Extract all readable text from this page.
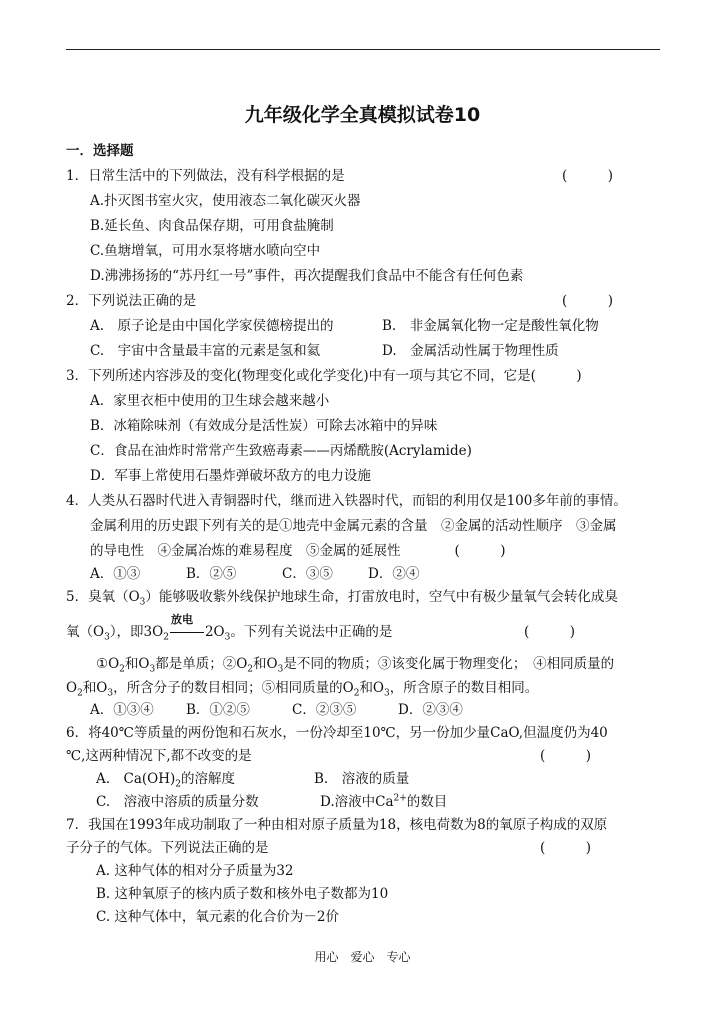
九年级化学全真模拟试卷10
一．选择题
1．日常生活中的下列做法，没有科学根据的是	(　　　)
A.扑灭图书室火灾，使用液态二氧化碳灭火器
B.延长鱼、肉食品保存期，可用食盐腌制
C.鱼塘增氧，可用水泵将塘水喷向空中
D.沸沸扬扬的“苏丹红一号”事件，再次提醒我们食品中不能含有任何色素
2．下列说法正确的是	(　　　)
A.　原子论是由中国化学家侯德榜提出的	B.　非金属氧化物一定是酸性氧化物
C.　宇宙中含量最丰富的元素是氢和氦	D.　金属活动性属于物理性质
3．下列所述内容涉及的变化(物理变化或化学变化)中有一项与其它不同，它是(　　　)
A．家里衣柜中使用的卫生球会越来越小
B．冰箱除味剂（有效成分是活性炭）可除去冰箱中的异味
C．食品在油炸时常常产生致癌毒素——丙烯酰胺(Acrylamide)
D．军事上常使用石墨炸弹破坏敌方的电力设施
4．人类从石器时代进入青铜器时代，继而进入铁器时代，而铝的利用仅是100多年前的事情。
金属利用的历史跟下列有关的是①地壳中金属元素的含量　②金属的活动性顺序　③金属
的导电性　④金属冶炼的难易程度　⑤金属的延展性　　　　(　　　)
A．①③	B．②⑤	C．③⑤	D．②④
5．臭氧$(O_3)$能够吸收紫外线保护地球生命，打雷放电时，空气中有极少量氧气会转化成臭
氧$(O_3)$，即$3O_2$
放电
$2O_3$。下列有关说法中正确的是	(　　　)
$①O_2$和$O_3$都是单质；$②O_2$和$O_3$是不同的物质；③该变化属于物理变化；　④相同质量的
$O_2$和$O_3$，所含分子的数目相同；⑤相同质量的$O_2$和$O_3$，所含原子的数目相同。
A．①③④ B．①②⑤	C．②③⑤	D．②③④
6．将40℃等质量的两份饱和石灰水，一份冷却至10℃，另一份加少量CaO,但温度仍为40
℃,这两种情况下,都不改变的是	(　　　)
A.　$Ca(OH)_2$的溶解度	B.　溶液的质量
C.　溶液中溶质的质量分数	D.溶液中$Ca^{2+}$的数目
7．我国在1993年成功制取了一种由相对原子质量为18，核电荷数为8的氧原子构成的双原
子分子的气体。下列说法正确的是	(　　　)
A. 这种气体的相对分子质量为32
B. 这种氧原子的核内质子数和核外电子数都为10
C. 这种气体中，氧元素的化合价为－2价
用心　爱心　专心
